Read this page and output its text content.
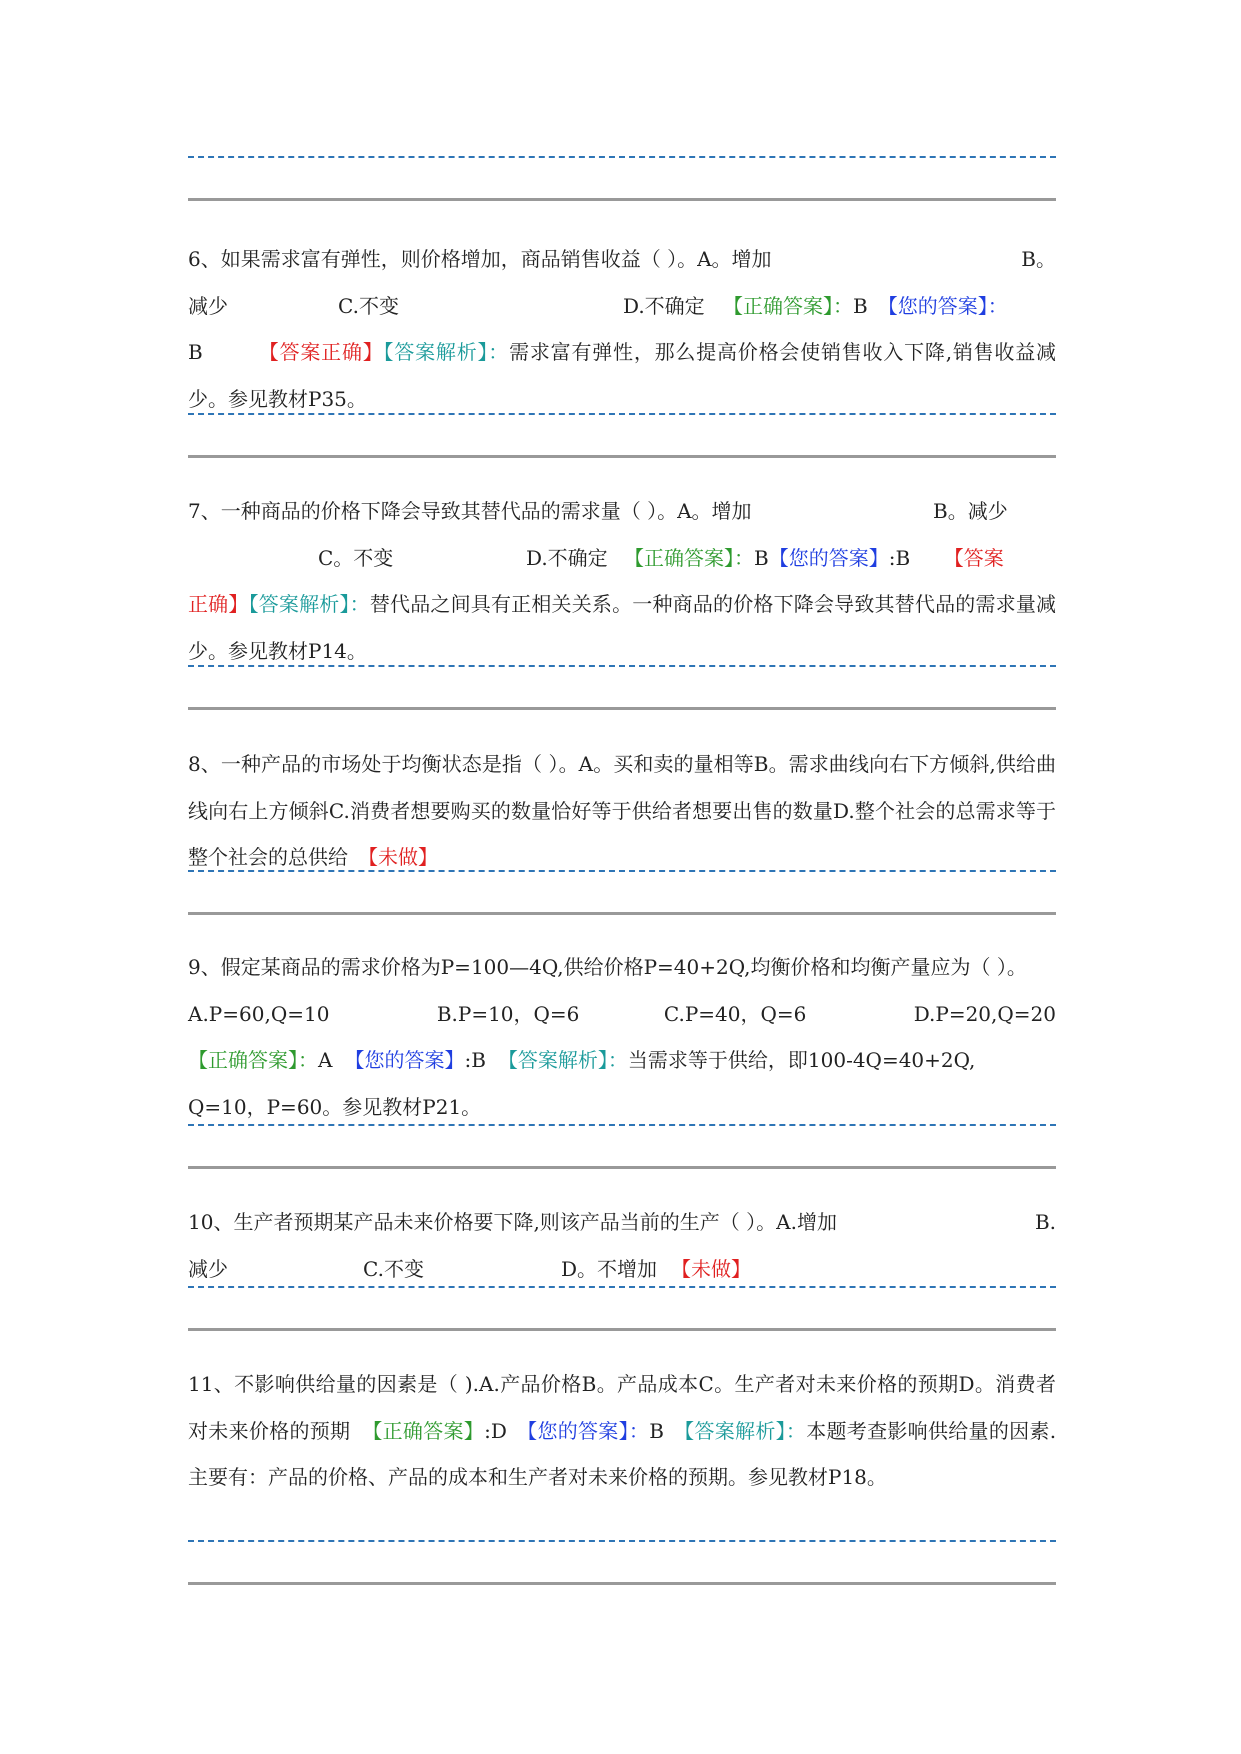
6、如果需求富有弹性，则价格增加，商品销售收益（ ）。A。增加	B。
减少	C.不变	D.不确定 【正确答案】： B 【您的答案】：
B	【答案正确】【答案解析】：需求富有弹性，那么提高价格会使销售收入下降,销售收益减少。参见教材P35。
7、一种商品的价格下降会导致其替代品的需求量（ ）。A。增加	B。减少
C。不变	D.不确定 【正确答案】： B 【您的答案】 :B	【答案
正确】【答案解析】：替代品之间具有正相关关系。一种商品的价格下降会导致其替代品的需求量减少。参见教材P14。
8、一种产品的市场处于均衡状态是指（ ）。A。买和卖的量相等B。需求曲线向右下方倾斜,供给曲线向右上方倾斜C.消费者想要购买的数量恰好等于供给者想要出售的数量D.整个社会的总需求等于整个社会的总供给 【未做】
9、假定某商品的需求价格为P=100—4Q,供给价格P=40+2Q,均衡价格和均衡产量应为（ ）。
A.P=60,Q=10	B.P=10，Q=6	C.P=40，Q=6	D.P=20,Q=20
【正确答案】：A 【您的答案】:B 【答案解析】：当需求等于供给，即100-4Q=40+2Q,
Q=10，P=60。参见教材P21。
10、生产者预期某产品未来价格要下降,则该产品当前的生产（ ）。A.增加	B.
减少	C.不变	D。不增加 【未做】
11、不影响供给量的因素是（ ).A.产品价格B。产品成本C。生产者对未来价格的预期D。消费者对未来价格的预期 【正确答案】:D 【您的答案】：B 【答案解析】：本题考查影响供给量的因素.主要有：产品的价格、产品的成本和生产者对未来价格的预期。参见教材P18。
